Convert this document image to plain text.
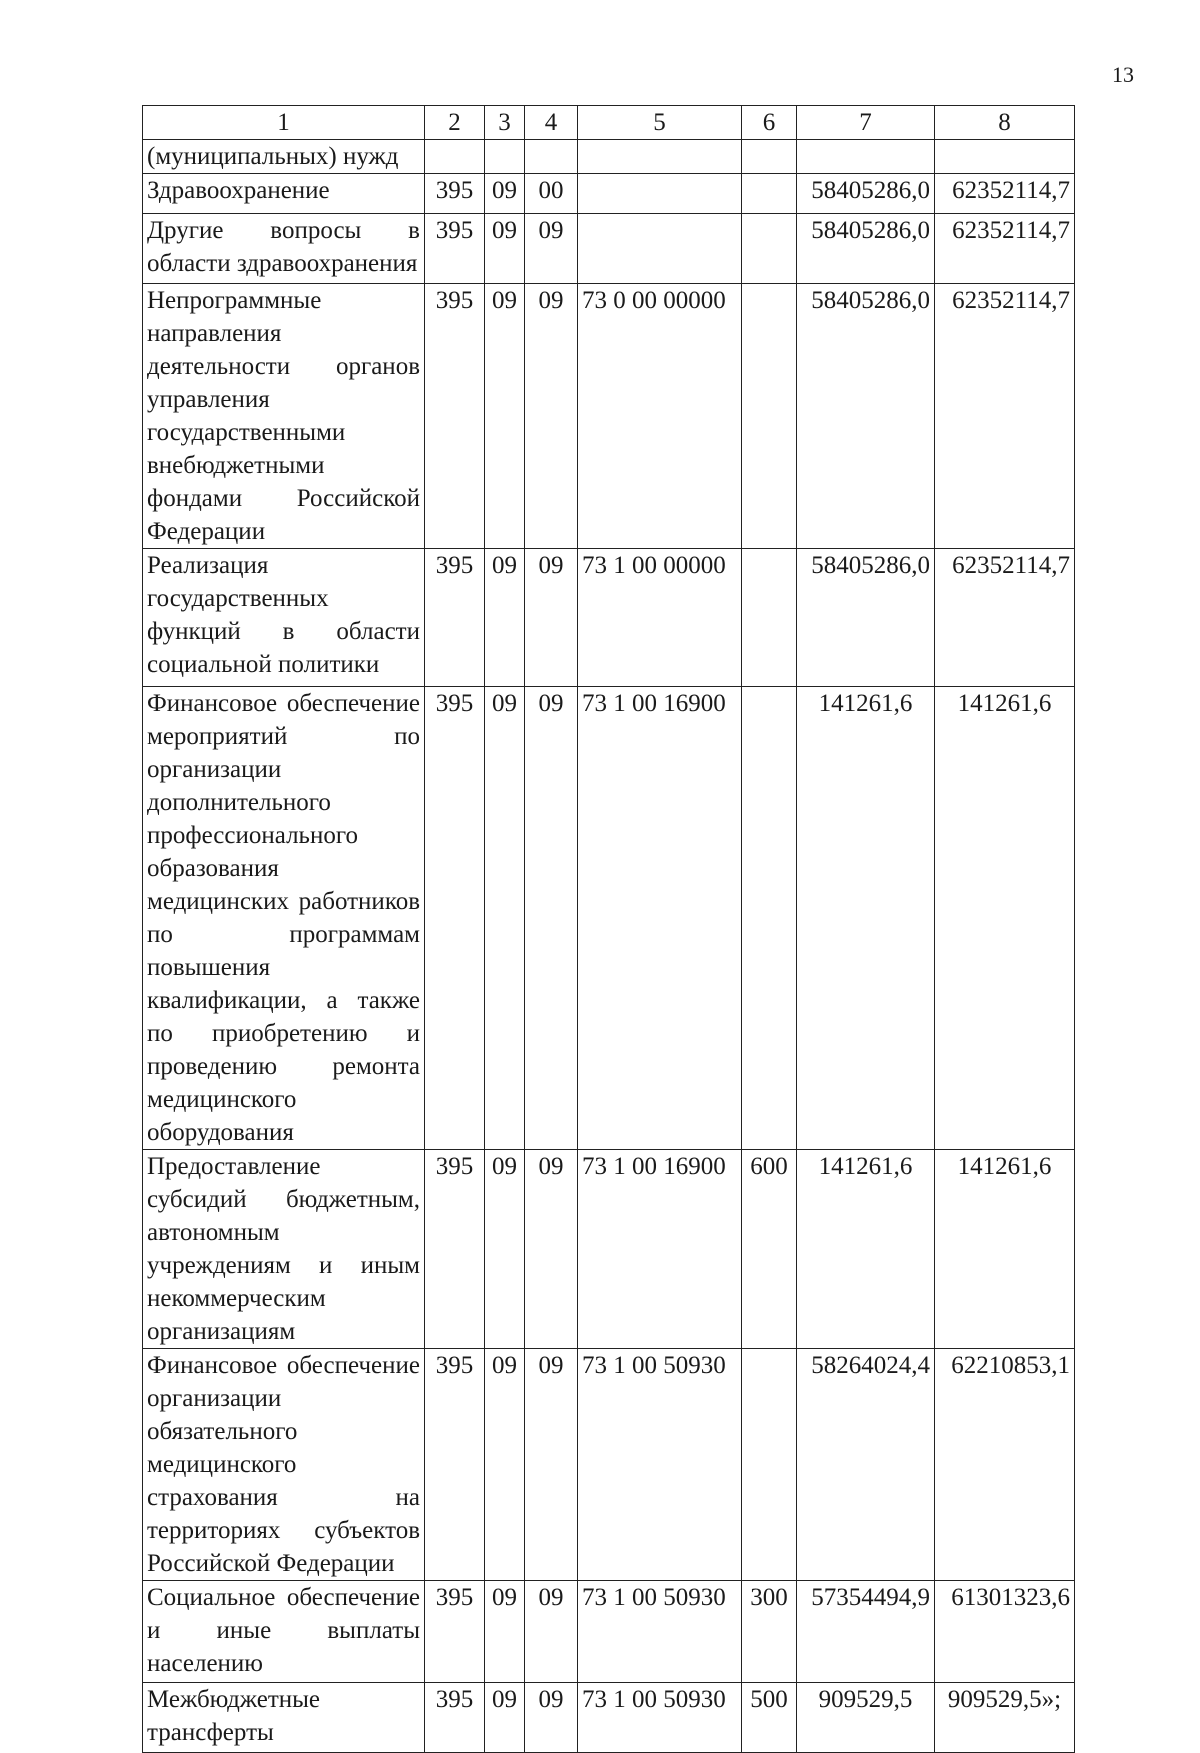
13
1	2	3	4	5	6	7	8
(муниципальных) нужд							
Здравоохранение	395	09	00			58405286,0	62352114,7
Другие вопросы в области здравоохранения	395	09	09			58405286,0	62352114,7
Непрограммные направления деятельности органов управления государственными внебюджетными фондами Российской Федерации	395	09	09	73 0 00 00000		58405286,0	62352114,7
Реализация государственных функций в области социальной политики	395	09	09	73 1 00 00000		58405286,0	62352114,7
Финансовое обеспечение мероприятий по организации дополнительного профессионального образования медицинских работников по программам повышения квалификации, а также по приобретению и проведению ремонта медицинского оборудования	395	09	09	73 1 00 16900		141261,6	141261,6
Предоставление субсидий бюджетным, автономным учреждениям и иным некоммерческим организациям	395	09	09	73 1 00 16900	600	141261,6	141261,6
Финансовое обеспечение организации обязательного медицинского страхования на территориях субъектов Российской Федерации	395	09	09	73 1 00 50930		58264024,4	62210853,1
Социальное обеспечение и иные выплаты населению	395	09	09	73 1 00 50930	300	57354494,9	61301323,6
Межбюджетные трансферты	395	09	09	73 1 00 50930	500	909529,5	909529,5»;
